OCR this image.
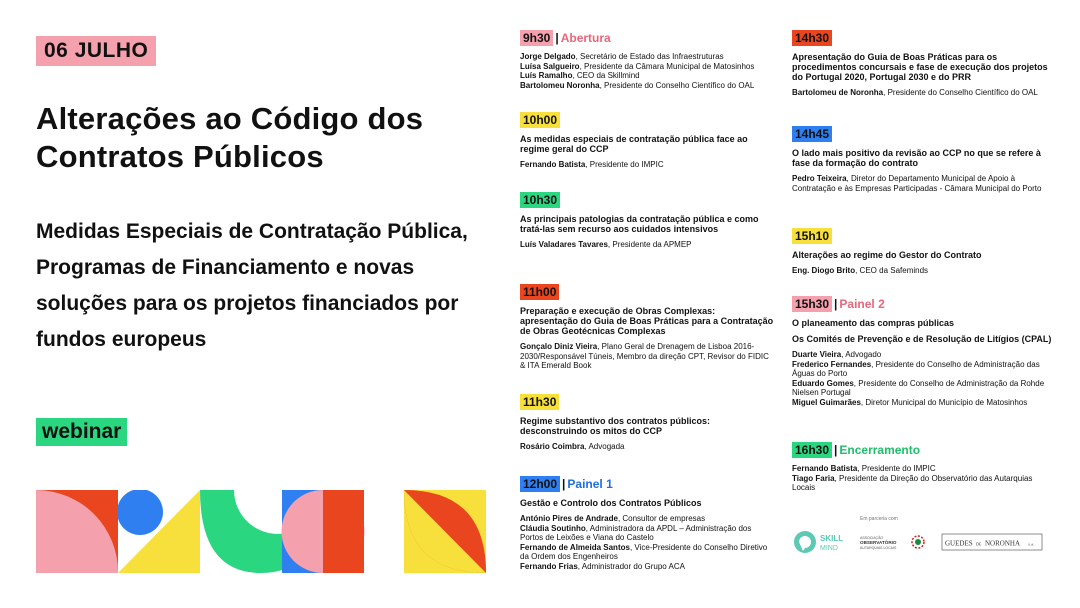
06 JULHO
Alterações ao Código dos Contratos Públicos
Medidas Especiais de Contratação Pública, Programas de Financiamento e novas soluções para os projetos financiados por fundos europeus
webinar
9h30 | Abertura
Jorge Delgado, Secretário de Estado das Infraestruturas
Luísa Salgueiro, Presidente da Câmara Municipal de Matosinhos
Luís Ramalho, CEO da Skillmind
Bartolomeu Noronha, Presidente do Conselho Científico do OAL
10h00
As medidas especiais de contratação pública face ao regime geral do CCP
Fernando Batista, Presidente do IMPIC
10h30
As principais patologias da contratação pública e como tratá-las sem recurso aos cuidados intensivos
Luís Valadares Tavares, Presidente da APMEP
11h00
Preparação e execução de Obras Complexas: apresentação do Guia de Boas Práticas para a Contratação de Obras Geotécnicas Complexas
Gonçalo Diniz Vieira, Plano Geral de Drenagem de Lisboa 2016-2030/Responsável Túneis, Membro da direção CPT, Revisor do FIDIC & ITA Emerald Book
11h30
Regime substantivo dos contratos públicos: desconstruindo os mitos do CCP
Rosário Coimbra, Advogada
12h00 | Painel 1
Gestão e Controlo dos Contratos Públicos
António Pires de Andrade, Consultor de empresas
Cláudia Soutinho, Administradora da APDL – Administração dos Portos de Leixões e Viana do Castelo
Fernando de Almeida Santos, Vice-Presidente do Conselho Diretivo da Ordem dos Engenheiros
Fernando Frias, Administrador do Grupo ACA
14h30
Apresentação do Guia de Boas Práticas para os procedimentos concursais e fase de execução dos projetos do Portugal 2020, Portugal 2030 e do PRR
Bartolomeu de Noronha, Presidente do Conselho Científico do OAL
14h45
O lado mais positivo da revisão ao CCP no que se refere à fase da formação do contrato
Pedro Teixeira, Diretor do Departamento Municipal de Apoio à Contratação e às Empresas Participadas - Câmara Municipal do Porto
15h10
Alterações ao regime do Gestor do Contrato
Eng. Diogo Brito, CEO da Safeminds
15h30 | Painel 2
O planeamento das compras públicas
Os Comités de Prevenção e de Resolução de Litígios (CPAL)
Duarte Vieira, Advogado
Frederico Fernandes, Presidente do Conselho de Administração das Águas do Porto
Eduardo Gomes, Presidente do Conselho de Administração da Rohde Nielsen Portugal
Miguel Guimarães, Diretor Municipal do Município de Matosinhos
16h30 | Encerramento
Fernando Batista, Presidente do IMPIC
Tiago Faria, Presidente da Direção do Observatório das Autarquias Locais
Em parceria com
SKILL
MIND
ASSOCIAÇÃO
OBSERVATÓRIO
AUTARQUIAS LOCAIS
GUEDES DE NORONHA S.A.
